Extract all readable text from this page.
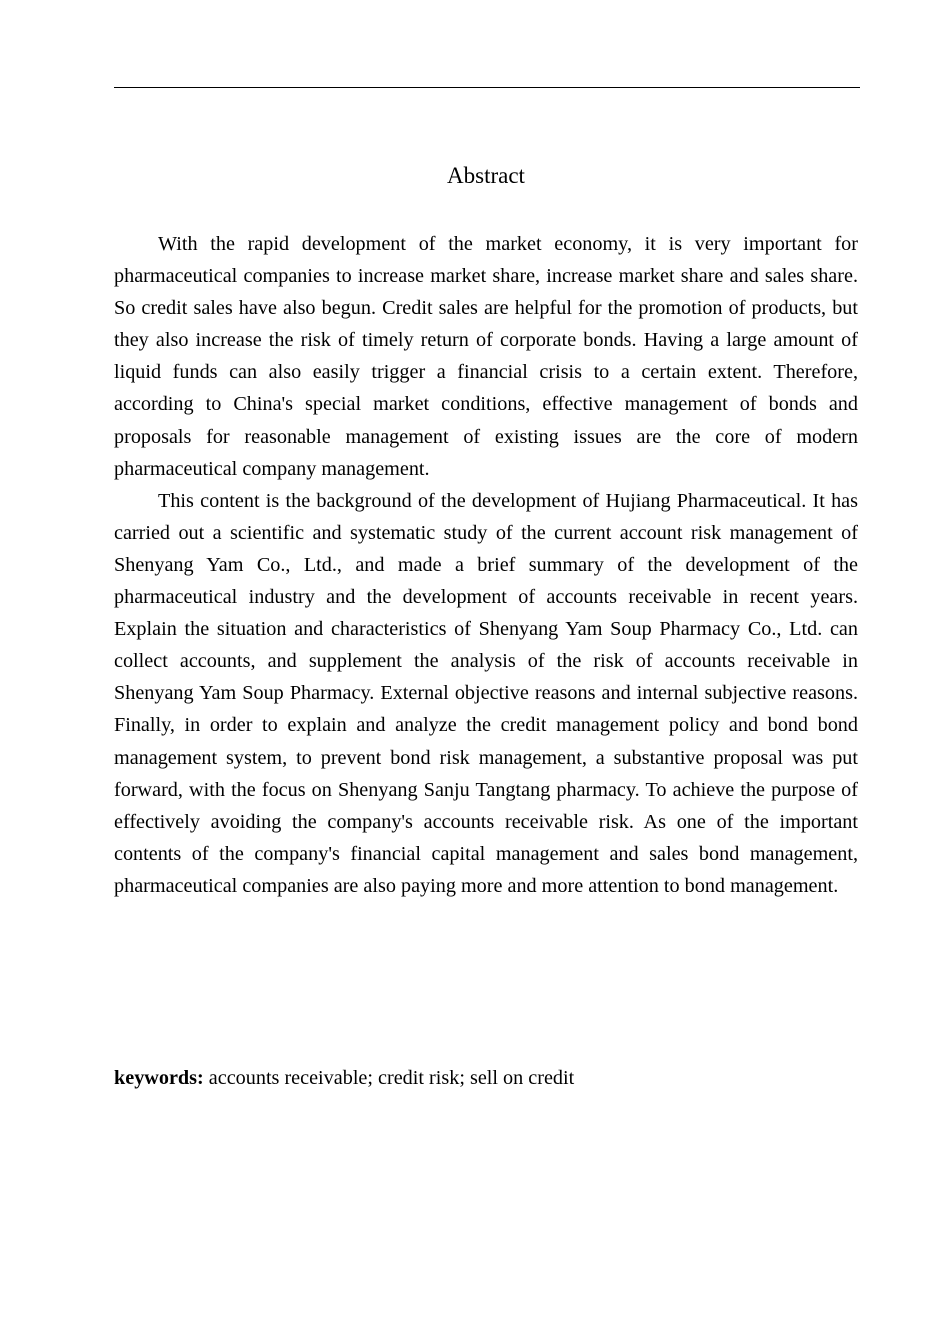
Abstract

With the rapid development of the market economy, it is very important for pharmaceutical companies to increase market share, increase market share and sales share. So credit sales have also begun. Credit sales are helpful for the promotion of products, but they also increase the risk of timely return of corporate bonds. Having a large amount of liquid funds can also easily trigger a financial crisis to a certain extent. Therefore, according to China's special market conditions, effective management of bonds and proposals for reasonable management of existing issues are the core of modern pharmaceutical company management.

This content is the background of the development of Hujiang Pharmaceutical. It has carried out a scientific and systematic study of the current account risk management of Shenyang Yam Co., Ltd., and made a brief summary of the development of the pharmaceutical industry and the development of accounts receivable in recent years. Explain the situation and characteristics of Shenyang Yam Soup Pharmacy Co., Ltd. can collect accounts, and supplement the analysis of the risk of accounts receivable in Shenyang Yam Soup Pharmacy. External objective reasons and internal subjective reasons. Finally, in order to explain and analyze the credit management policy and bond bond management system, to prevent bond risk management, a substantive proposal was put forward, with the focus on Shenyang Sanju Tangtang pharmacy. To achieve the purpose of effectively avoiding the company's accounts receivable risk. As one of the important contents of the company's financial capital management and sales bond management, pharmaceutical companies are also paying more and more attention to bond management.

keywords: accounts receivable; credit risk; sell on credit
